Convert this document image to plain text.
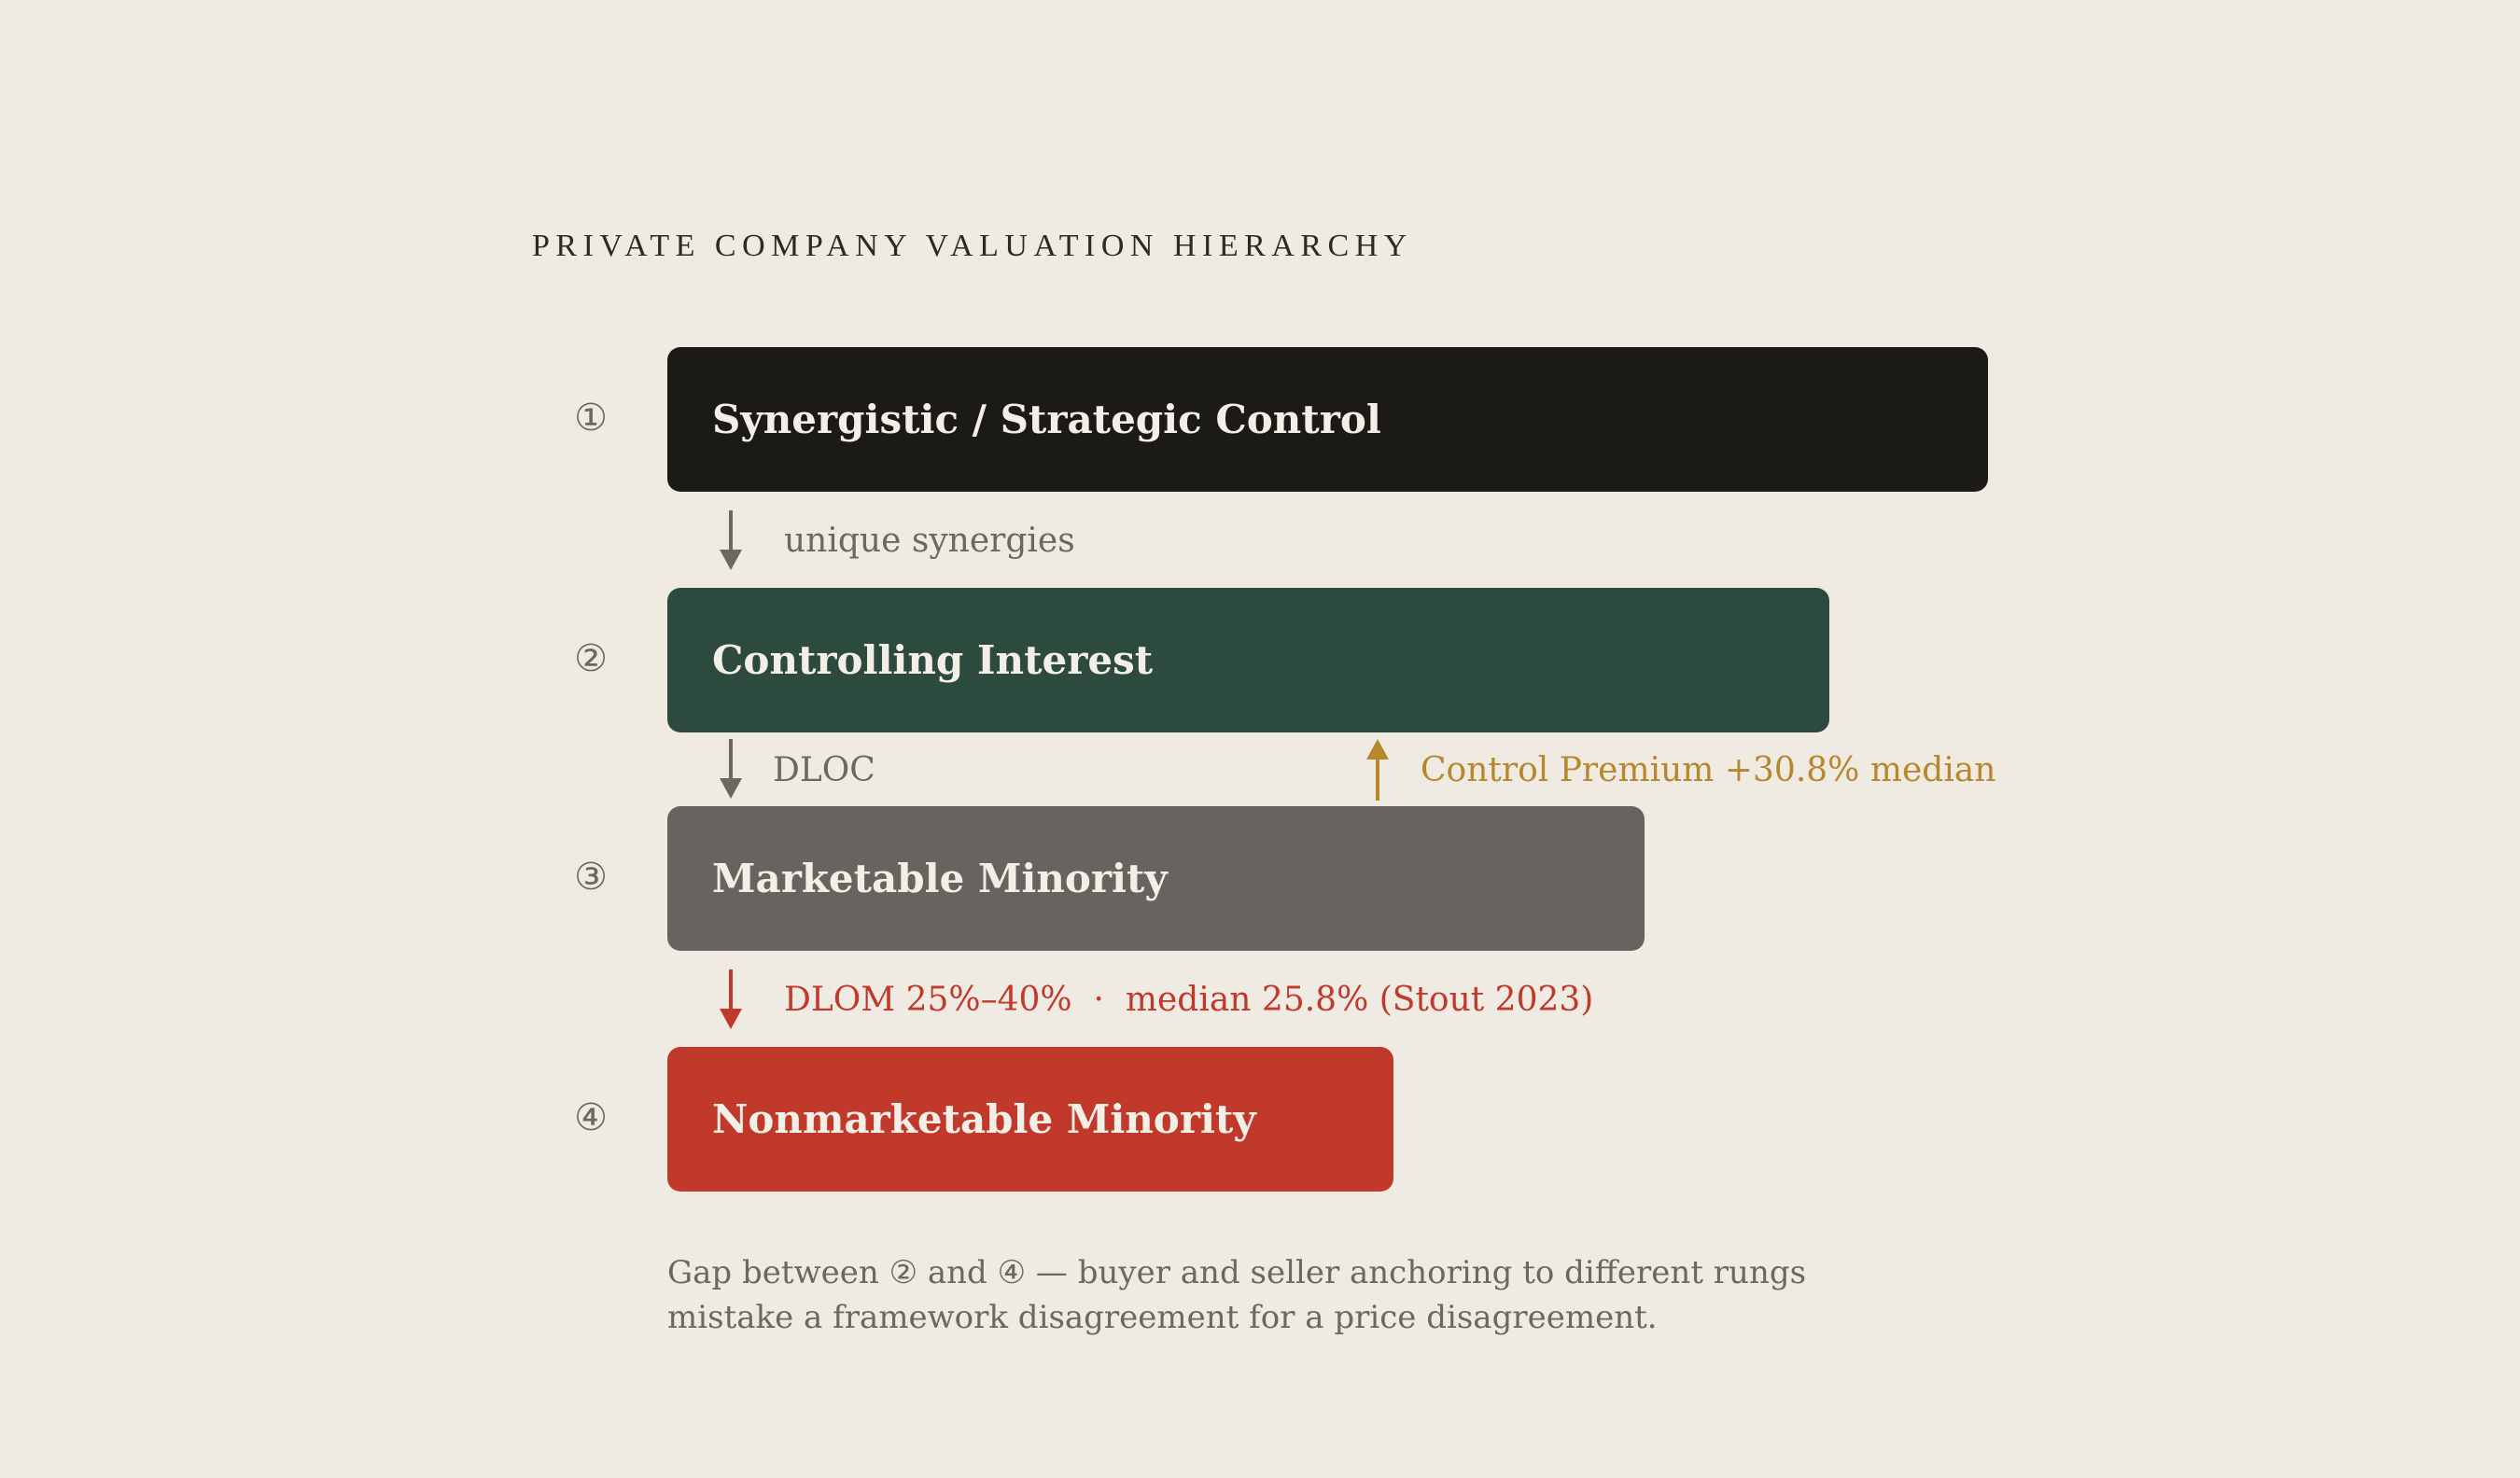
PRIVATE COMPANY VALUATION HIERARCHY
①	Synergistic / Strategic Control
unique synergies
②	Controlling Interest
DLOC	Control Premium +30.8% median
③	Marketable Minority
DLOM 25%–40%  ·  median 25.8% (Stout 2023)
④	Nonmarketable Minority
Gap between ② and ④ — buyer and seller anchoring to different rungs mistake a framework disagreement for a price disagreement.
